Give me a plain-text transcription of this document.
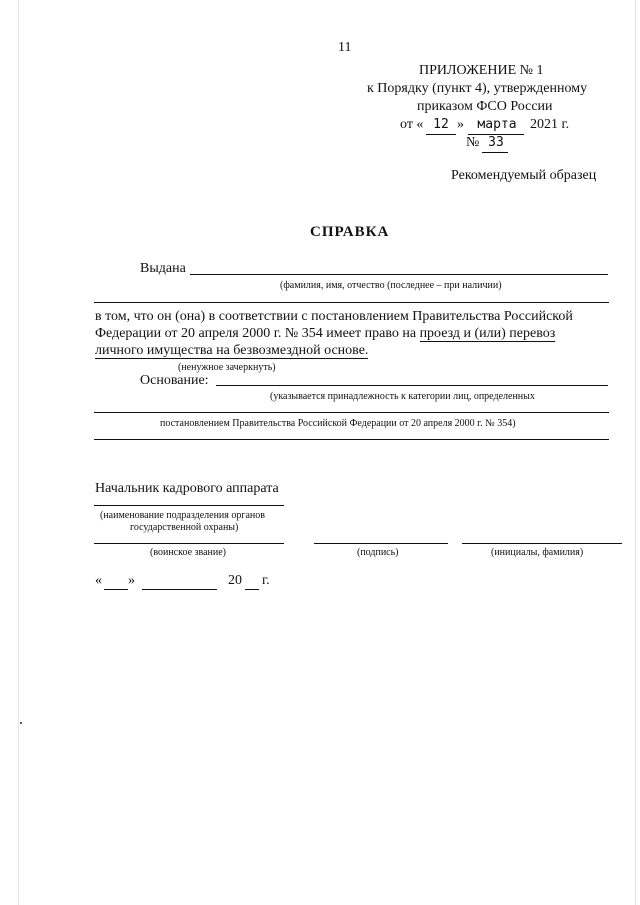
11
ПРИЛОЖЕНИЕ № 1
к Порядку (пункт 4), утвержденному
приказом ФСО России
от « 12 »	марта 2021 г.
№ 33
Рекомендуемый образец
СПРАВКА
Выдана
(фамилия, имя, отчество (последнее – при наличии)
в том, что он (она) в соответствии с постановлением Правительства Российской
Федерации от 20 апреля 2000 г. № 354 имеет право на проезд и (или) перевоз
личного имущества на безвозмездной основе.
(ненужное зачеркнуть)
Основание:
(указывается принадлежность к категории лиц, определенных
постановлением Правительства Российской Федерации от 20 апреля 2000 г. № 354)
Начальник кадрового аппарата
(наименование подразделения органов
государственной охраны)
(воинское звание)	(подпись)	(инициалы, фамилия)
« »	20 г.
